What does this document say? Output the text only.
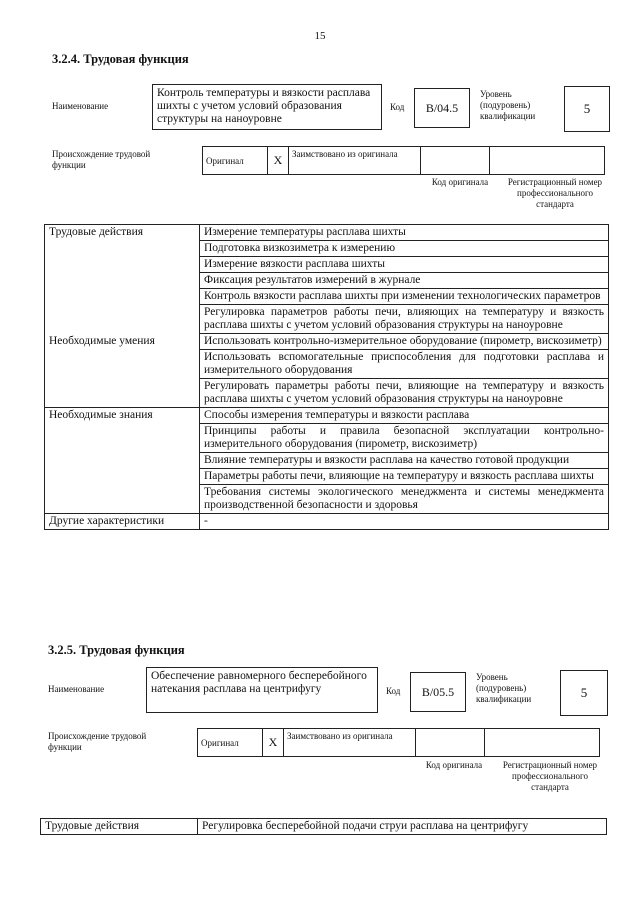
15
3.2.4. Трудовая функция
Наименование
Контроль температуры и вязкости расплава шихты с учетом условий образования структуры на наноуровне
Код	B/04.5
Уровень (подуровень) квалификации	5
Происхождение трудовой функции	Оригинал	X	Заимствовано из оригинала		
Код оригинала	Регистрационный номер профессионального стандарта
Трудовые действия	Измерение температуры расплава шихты
	Подготовка визкозиметра к измерению
	Измерение вязкости расплава шихты
	Фиксация результатов измерений в журнале
	Контроль вязкости расплава шихты при изменении технологических параметров
	Регулировка параметров работы печи, влияющих на температуру и вязкость расплава шихты с учетом условий образования структуры на наноуровне
Необходимые умения	Использовать контрольно-измерительное оборудование (пирометр, вискозиметр)
	Использовать вспомогательные приспособления для подготовки расплава и измерительного оборудования
	Регулировать параметры работы печи, влияющие на температуру и вязкость расплава шихты с учетом условий образования структуры на наноуровне
Необходимые знания	Способы измерения температуры и вязкости расплава
	Принципы работы и правила безопасной эксплуатации контрольно-измерительного оборудования (пирометр, вискозиметр)
	Влияние температуры и вязкости расплава на качество готовой продукции
	Параметры работы печи, влияющие на температуру и вязкость расплава шихты
	Требования системы экологического менеджмента и системы менеджмента производственной безопасности и здоровья
Другие характеристики	-
3.2.5. Трудовая функция
Наименование
Обеспечение равномерного бесперебойного натекания расплава на центрифугу	Код	B/05.5
Уровень (подуровень) квалификации	5
Происхождение трудовой функции	Оригинал	X	Заимствовано из оригинала		
Код оригинала	Регистрационный номер профессионального стандарта
Трудовые действия	Регулировка бесперебойной подачи струи расплава на центрифугу
